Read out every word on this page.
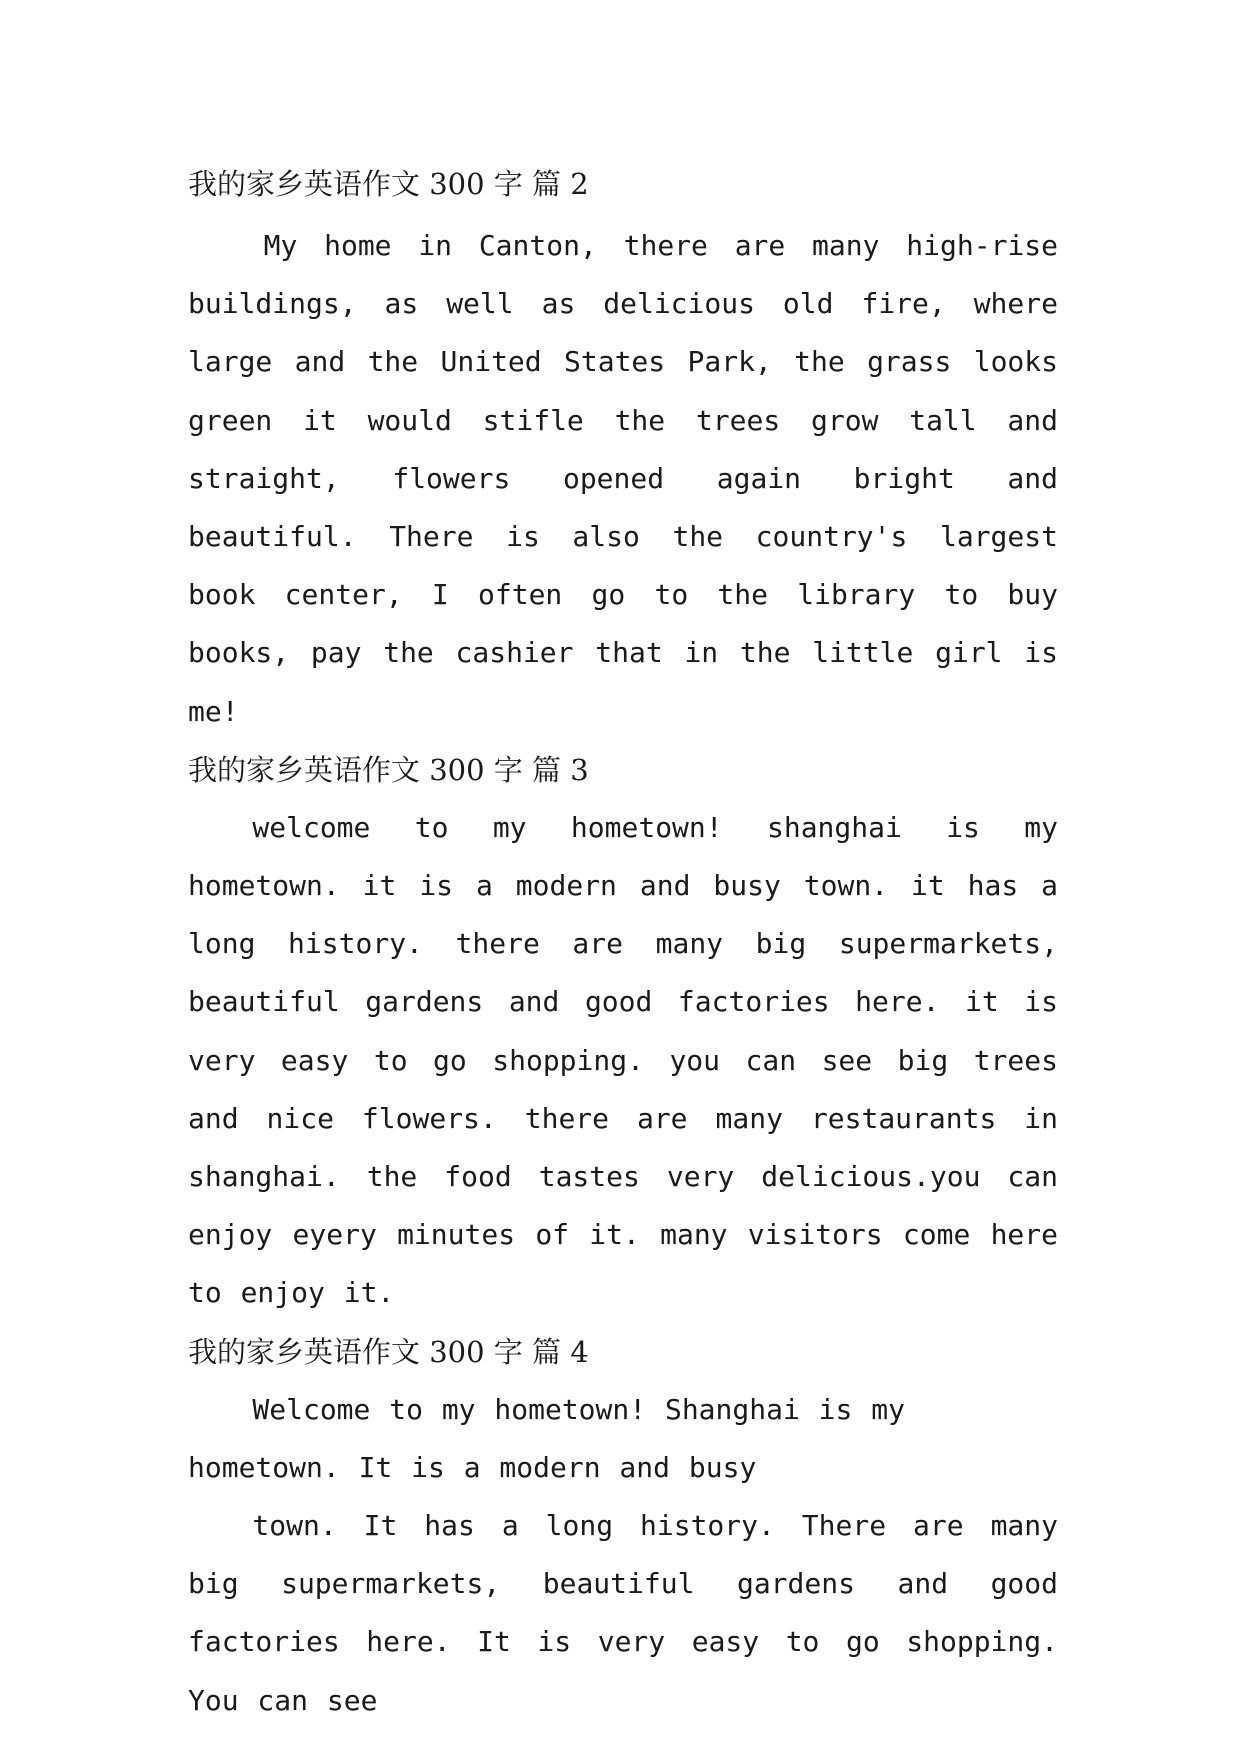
我的家乡英语作文 300 字 篇 2

My home in Canton, there are many high-rise buildings, as well as delicious old fire, where large and the United States Park, the grass looks green it would stifle the trees grow tall and straight, flowers opened again bright and beautiful. There is also the country's largest book center, I often go to the library to buy books, pay the cashier that in the little girl is me!

我的家乡英语作文 300 字 篇 3

welcome to my hometown! shanghai is my hometown. it is a modern and busy town. it has a long history. there are many big supermarkets, beautiful gardens and good factories here. it is very easy to go shopping. you can see big trees and nice flowers. there are many restaurants in shanghai. the food tastes very delicious.you can enjoy eyery minutes of it. many visitors come here to enjoy it.

我的家乡英语作文 300 字 篇 4

Welcome to my hometown! Shanghai is my hometown. It is a modern and busy

town. It has a long history. There are many big supermarkets, beautiful gardens and good factories here. It is very easy to go shopping. You can see
